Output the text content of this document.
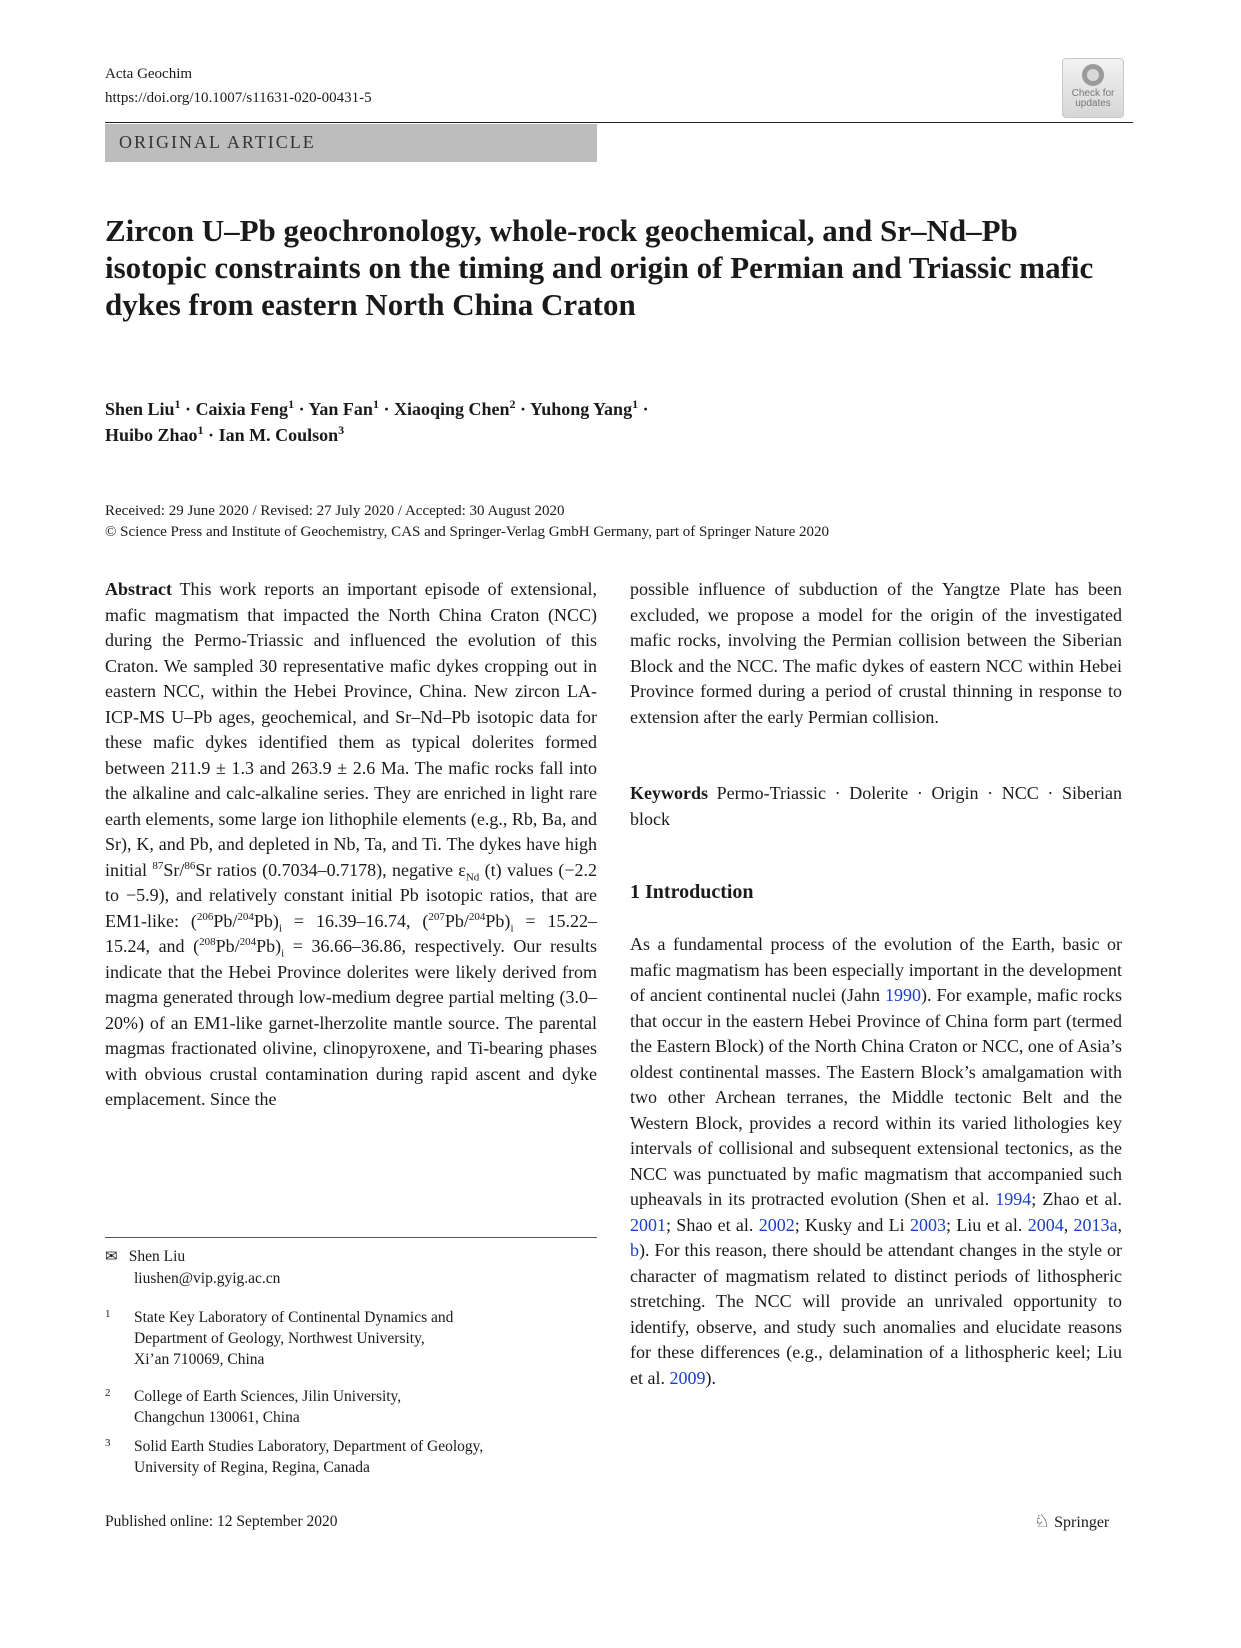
Acta Geochim
https://doi.org/10.1007/s11631-020-00431-5	Check for updates
ORIGINAL ARTICLE
Zircon U–Pb geochronology, whole-rock geochemical, and Sr–Nd–Pb isotopic constraints on the timing and origin of Permian and Triassic mafic dykes from eastern North China Craton
Shen Liu$^1$ · Caixia Feng$^1$ · Yan Fan$^1$ · Xiaoqing Chen$^2$ · Yuhong Yang$^1$ ·
Huibo Zhao$^1$ · Ian M. Coulson$^3$
Received: 29 June 2020 / Revised: 27 July 2020 / Accepted: 30 August 2020
© Science Press and Institute of Geochemistry, CAS and Springer-Verlag GmbH Germany, part of Springer Nature 2020
Abstract This work reports an important episode of extensional, mafic magmatism that impacted the North China Craton (NCC) during the Permo-Triassic and influenced the evolution of this Craton. We sampled 30 representative mafic dykes cropping out in eastern NCC, within the Hebei Province, China. New zircon LA-ICP-MS U–Pb ages, geochemical, and Sr–Nd–Pb isotopic data for these mafic dykes identified them as typical dolerites formed between 211.9 ± 1.3 and 263.9 ± 2.6 Ma. The mafic rocks fall into the alkaline and calc-alkaline series. They are enriched in light rare earth elements, some large ion lithophile elements (e.g., Rb, Ba, and Sr), K, and Pb, and depleted in Nb, Ta, and Ti. The dykes have high initial $^{87}$Sr/$^{86}$Sr ratios (0.7034–0.7178), negative $\varepsilon_{Nd}$ (t) values (−2.2 to −5.9), and relatively constant initial Pb isotopic ratios, that are EM1-like: $(^{206}Pb/^{204}Pb)_i = 16.39-16.74$, $(^{207}Pb/^{204}Pb)_i = 15.22-15.24$, and $(^{208}Pb/^{204}Pb)_i = 36.66-36.86$, respectively. Our results indicate that the Hebei Province dolerites were likely derived from magma generated through low-medium degree partial melting (3.0–20%) of an EM1-like garnet-lherzolite mantle source. The parental magmas fractionated olivine, clinopyroxene, and Ti-bearing phases with obvious crustal contamination during rapid ascent and dyke emplacement. Since the
possible influence of subduction of the Yangtze Plate has been excluded, we propose a model for the origin of the investigated mafic rocks, involving the Permian collision between the Siberian Block and the NCC. The mafic dykes of eastern NCC within Hebei Province formed during a period of crustal thinning in response to extension after the early Permian collision.
Keywords Permo-Triassic · Dolerite · Origin · NCC · Siberian block
1 Introduction
As a fundamental process of the evolution of the Earth, basic or mafic magmatism has been especially important in the development of ancient continental nuclei (Jahn 1990). For example, mafic rocks that occur in the eastern Hebei Province of China form part (termed the Eastern Block) of the North China Craton or NCC, one of Asia’s oldest continental masses. The Eastern Block’s amalgamation with two other Archean terranes, the Middle tectonic Belt and the Western Block, provides a record within its varied lithologies key intervals of collisional and subsequent extensional tectonics, as the NCC was punctuated by mafic magmatism that accompanied such upheavals in its protracted evolution (Shen et al. 1994; Zhao et al. 2001; Shao et al. 2002; Kusky and Li 2003; Liu et al. 2004, 2013a, b). For this reason, there should be attendant changes in the style or character of magmatism related to distinct periods of lithospheric stretching. The NCC will provide an unrivaled opportunity to identify, observe, and study such anomalies and elucidate reasons for these differences (e.g., delamination of a lithospheric keel; Liu et al. 2009).
✉ Shen Liu
liushen@vip.gyig.ac.cn
1 State Key Laboratory of Continental Dynamics and
Department of Geology, Northwest University,
Xi’an 710069, China
2 College of Earth Sciences, Jilin University,
Changchun 130061, China
3 Solid Earth Studies Laboratory, Department of Geology,
University of Regina, Regina, Canada
Published online: 12 September 2020	♘ Springer
